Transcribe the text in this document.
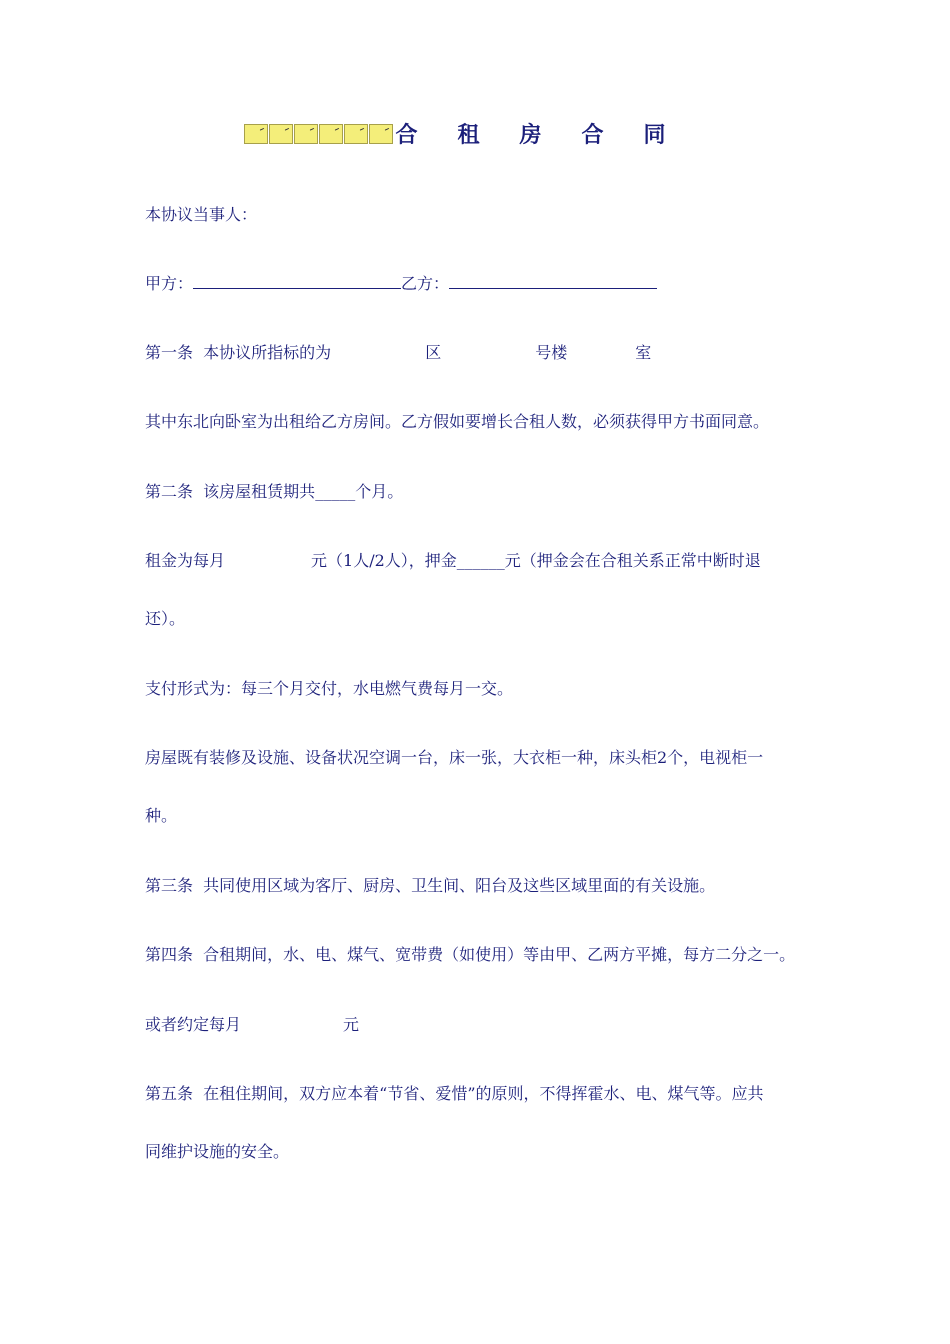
合租房合同
本协议当事人：
甲方：	乙方：
第一条  本协议所指标的为	区	号楼	室
其中东北向卧室为出租给乙方房间。乙方假如要增长合租人数，必须获得甲方书面同意。
第二条  该房屋租赁期共_____个月。
租金为每月	元（1人/2人），押金______元（押金会在合租关系正常中断时退
还）。
支付形式为：每三个月交付，水电燃气费每月一交。
房屋既有装修及设施、设备状况空调一台，床一张，大衣柜一种，床头柜2个，电视柜一
种。
第三条  共同使用区域为客厅、厨房、卫生间、阳台及这些区域里面的有关设施。
第四条  合租期间，水、电、煤气、宽带费（如使用）等由甲、乙两方平摊，每方二分之一。
或者约定每月	元
第五条  在租住期间，双方应本着“节省、爱惜”的原则，不得挥霍水、电、煤气等。应共
同维护设施的安全。
